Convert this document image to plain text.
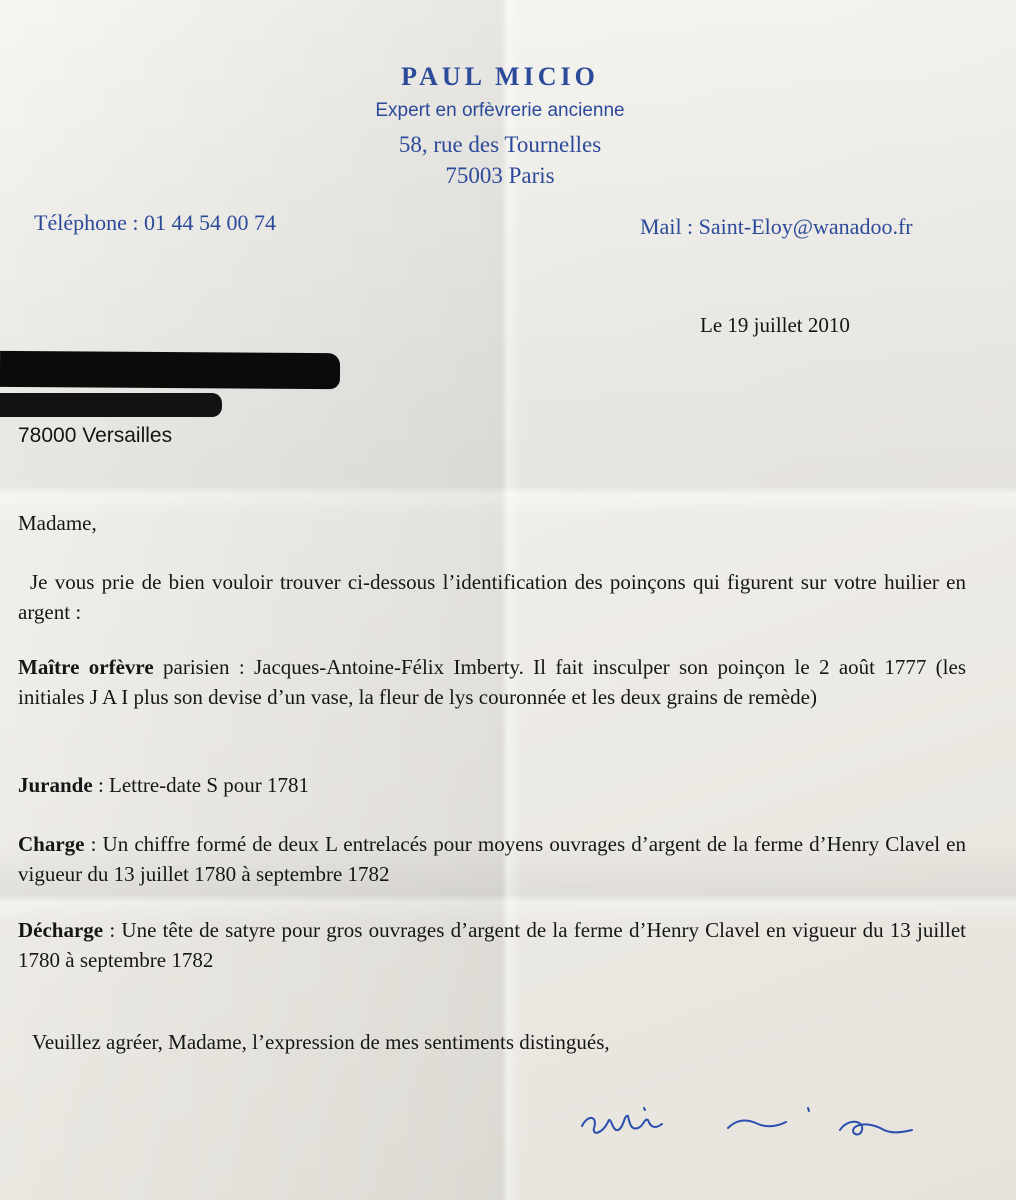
PAUL MICIO
Expert en orfèvrerie ancienne
58, rue des Tournelles
75003 Paris
Téléphone : 01 44 54 00 74	Mail : Saint-Eloy@wanadoo.fr
Le 19 juillet 2010
78000 Versailles
Madame,
Je vous prie de bien vouloir trouver ci-dessous l’identification des poinçons qui figurent sur votre huilier en argent :
Maître orfèvre parisien : Jacques-Antoine-Félix Imberty. Il fait insculper son poinçon le 2 août 1777 (les initiales J A I plus son devise d’un vase, la fleur de lys couronnée et les deux grains de remède)
Jurande : Lettre-date S pour 1781
Charge : Un chiffre formé de deux L entrelacés pour moyens ouvrages d’argent de la ferme d’Henry Clavel en vigueur du 13 juillet 1780 à septembre 1782
Décharge : Une tête de satyre pour gros ouvrages d’argent de la ferme d’Henry Clavel en vigueur du 13 juillet 1780 à septembre 1782
Veuillez agréer, Madame, l’expression de mes sentiments distingués,
